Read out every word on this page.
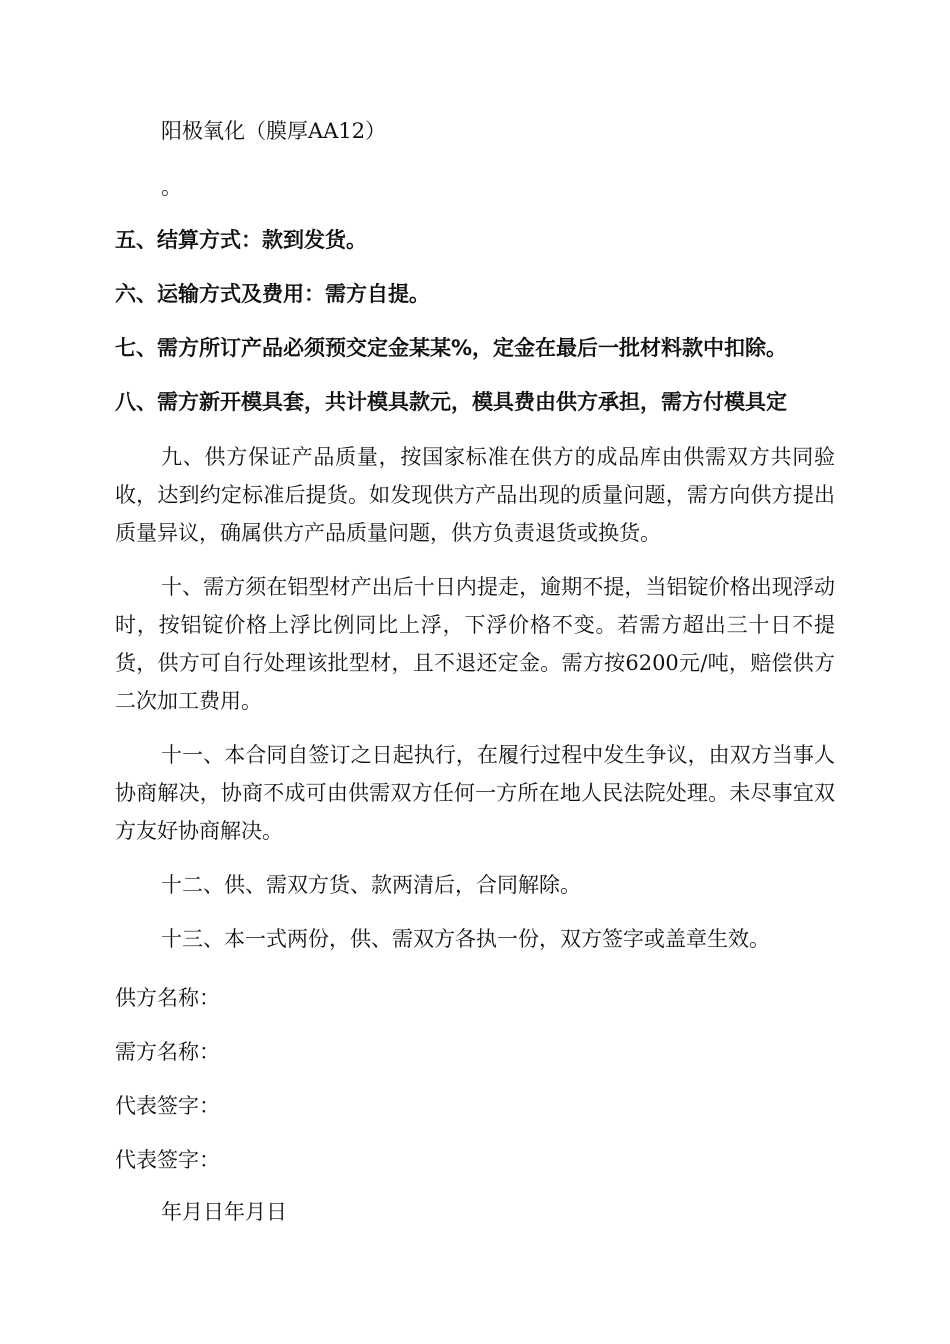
阳极氧化（膜厚AA12）
。
五、结算方式：款到发货。
六、运输方式及费用：需方自提。
七、需方所订产品必须预交定金某某%，定金在最后一批材料款中扣除。
八、需方新开模具套，共计模具款元，模具费由供方承担，需方付模具定
九、供方保证产品质量，按国家标准在供方的成品库由供需双方共同验收，达到约定标准后提货。如发现供方产品出现的质量问题，需方向供方提出质量异议，确属供方产品质量问题，供方负责退货或换货。
十、需方须在铝型材产出后十日内提走，逾期不提，当铝锭价格出现浮动时，按铝锭价格上浮比例同比上浮，下浮价格不变。若需方超出三十日不提货，供方可自行处理该批型材，且不退还定金。需方按6200元/吨，赔偿供方二次加工费用。
十一、本合同自签订之日起执行，在履行过程中发生争议，由双方当事人协商解决，协商不成可由供需双方任何一方所在地人民法院处理。未尽事宜双方友好协商解决。
十二、供、需双方货、款两清后，合同解除。
十三、本一式两份，供、需双方各执一份，双方签字或盖章生效。
供方名称：
需方名称：
代表签字：
代表签字：
年月日年月日
